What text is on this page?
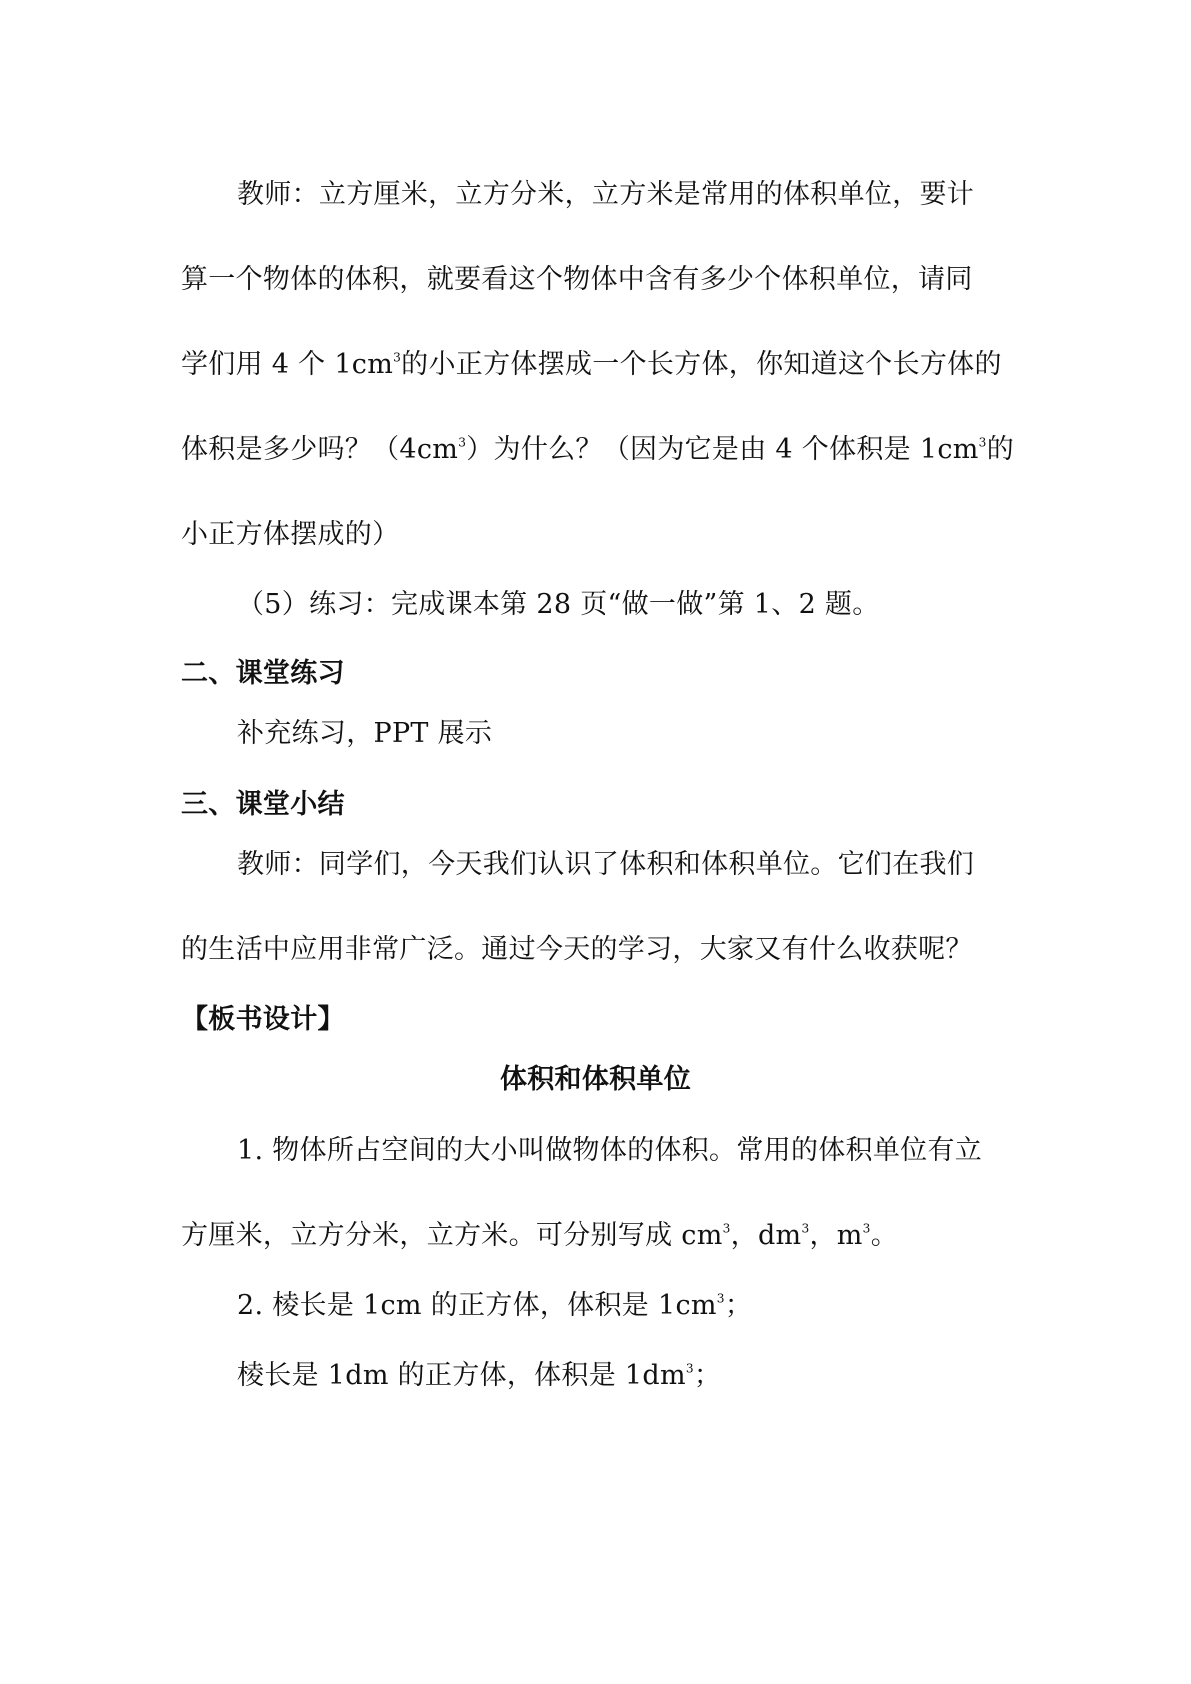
教师：立方厘米，立方分米，立方米是常用的体积单位，要计
算一个物体的体积，就要看这个物体中含有多少个体积单位，请同
学们用 4 个 $1cm^3$的小正方体摆成一个长方体，你知道这个长方体的
体积是多少吗？$(4cm^3)$为什么？（因为它是由 4 个体积是 $1cm^3$的
小正方体摆成的）
（5）练习：完成课本第 28 页“做一做”第 1、2 题。
二、课堂练习
补充练习，PPT 展示
三、课堂小结
教师：同学们，今天我们认识了体积和体积单位。它们在我们
的生活中应用非常广泛。通过今天的学习，大家又有什么收获呢？
【板书设计】
体积和体积单位
1. 物体所占空间的大小叫做物体的体积。常用的体积单位有立
方厘米，立方分米，立方米。可分别写成 $cm^3$，$dm^3$，$m^3$。
2. 棱长是 1cm 的正方体，体积是 $1cm^3$；
棱长是 1dm 的正方体，体积是 $1dm^3$；
